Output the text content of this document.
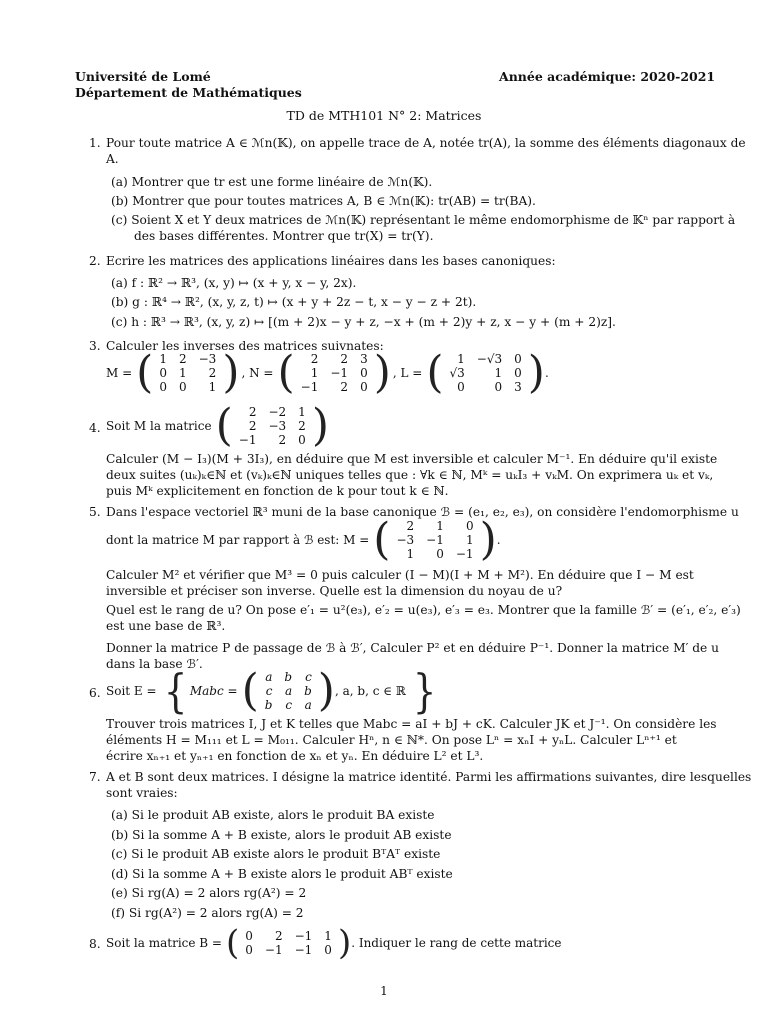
Université de Lomé
Département de Mathématiques
Année académique: 2020-2021
TD de MTH101 N° 2: Matrices
1. Pour toute matrice A ∈ ℳn(𝕂), on appelle trace de A, notée tr(A), la somme des éléments diagonaux de
A.
(a) Montrer que tr est une forme linéaire de ℳn(𝕂).
(b) Montrer que pour toutes matrices A, B ∈ ℳn(𝕂): tr(AB) = tr(BA).
(c) Soient X et Y deux matrices de ℳn(𝕂) représentant le même endomorphisme de 𝕂ⁿ par rapport à
des bases différentes. Montrer que tr(X) = tr(Y).
2. Ecrire les matrices des applications linéaires dans les bases canoniques:
(a) f : ℝ² → ℝ³, (x, y) ↦ (x + y, x − y, 2x).
(b) g : ℝ⁴ → ℝ², (x, y, z, t) ↦ (x + y + 2z − t, x − y − z + 2t).
(c) h : ℝ³ → ℝ³, (x, y, z) ↦ [(m + 2)x − y + z, −x + (m + 2)y + z, x − y + (m + 2)z].
3. Calculer les inverses des matrices suivnates:
M = ( 1	2	−3
0	1	2
0	0	1 ) , N = ( 2	2	3
1	−1	0
−1	2	0 ) , L = ( 1	−√3	0
√3	1	0
0	0	3 ) .
4. Soit M la matrice ( 2	−2	1
2	−3	2
−1	2	0 )
Calculer (M − I₃)(M + 3I₃), en déduire que M est inversible et calculer M⁻¹. En déduire qu'il existe
deux suites (uₖ)ₖ∈ℕ et (vₖ)ₖ∈ℕ uniques telles que : ∀k ∈ ℕ, Mᵏ = uₖI₃ + vₖM. On exprimera uₖ et vₖ,
puis Mᵏ explicitement en fonction de k pour tout k ∈ ℕ.
5. Dans l'espace vectoriel ℝ³ muni de la base canonique ℬ = (e₁, e₂, e₃), on considère l'endomorphisme u
dont la matrice M par rapport à ℬ est: M = ( 2	1	0
−3	−1	1
1	0	−1 ) .
Calculer M² et vérifier que M³ = 0 puis calculer (I − M)(I + M + M²). En déduire que I − M est
inversible et préciser son inverse. Quelle est la dimension du noyau de u?
Quel est le rang de u? On pose e′₁ = u²(e₃), e′₂ = u(e₃), e′₃ = e₃. Montrer que la famille ℬ′ = (e′₁, e′₂, e′₃)
est une base de ℝ³.
Donner la matrice P de passage de ℬ à ℬ′, Calculer P² et en déduire P⁻¹. Donner la matrice M′ de u
dans la base ℬ′.
6. Soit E = { Mabc = ( a	b	c
c	a	b
b	c	a ) , a, b, c ∈ ℝ }
Trouver trois matrices I, J et K telles que Mabc = aI + bJ + cK. Calculer JK et J⁻¹. On considère les
éléments H = M₁₁₁ et L = M₀₁₁. Calculer Hⁿ, n ∈ ℕ*. On pose Lⁿ = xₙI + yₙL. Calculer Lⁿ⁺¹ et
écrire xₙ₊₁ et yₙ₊₁ en fonction de xₙ et yₙ. En déduire L² et L³.
7. A et B sont deux matrices. I désigne la matrice identité. Parmi les affirmations suivantes, dire lesquelles
sont vraies:
(a) Si le produit AB existe, alors le produit BA existe
(b) Si la somme A + B existe, alors le produit AB existe
(c) Si le produit AB existe alors le produit BᵀAᵀ existe
(d) Si la somme A + B existe alors le produit ABᵀ existe
(e) Si rg(A) = 2 alors rg(A²) = 2
(f) Si rg(A²) = 2 alors rg(A) = 2
8. Soit la matrice B = ( 0	2	−1	1
0	−1	−1	0 ) . Indiquer le rang de cette matrice
1
